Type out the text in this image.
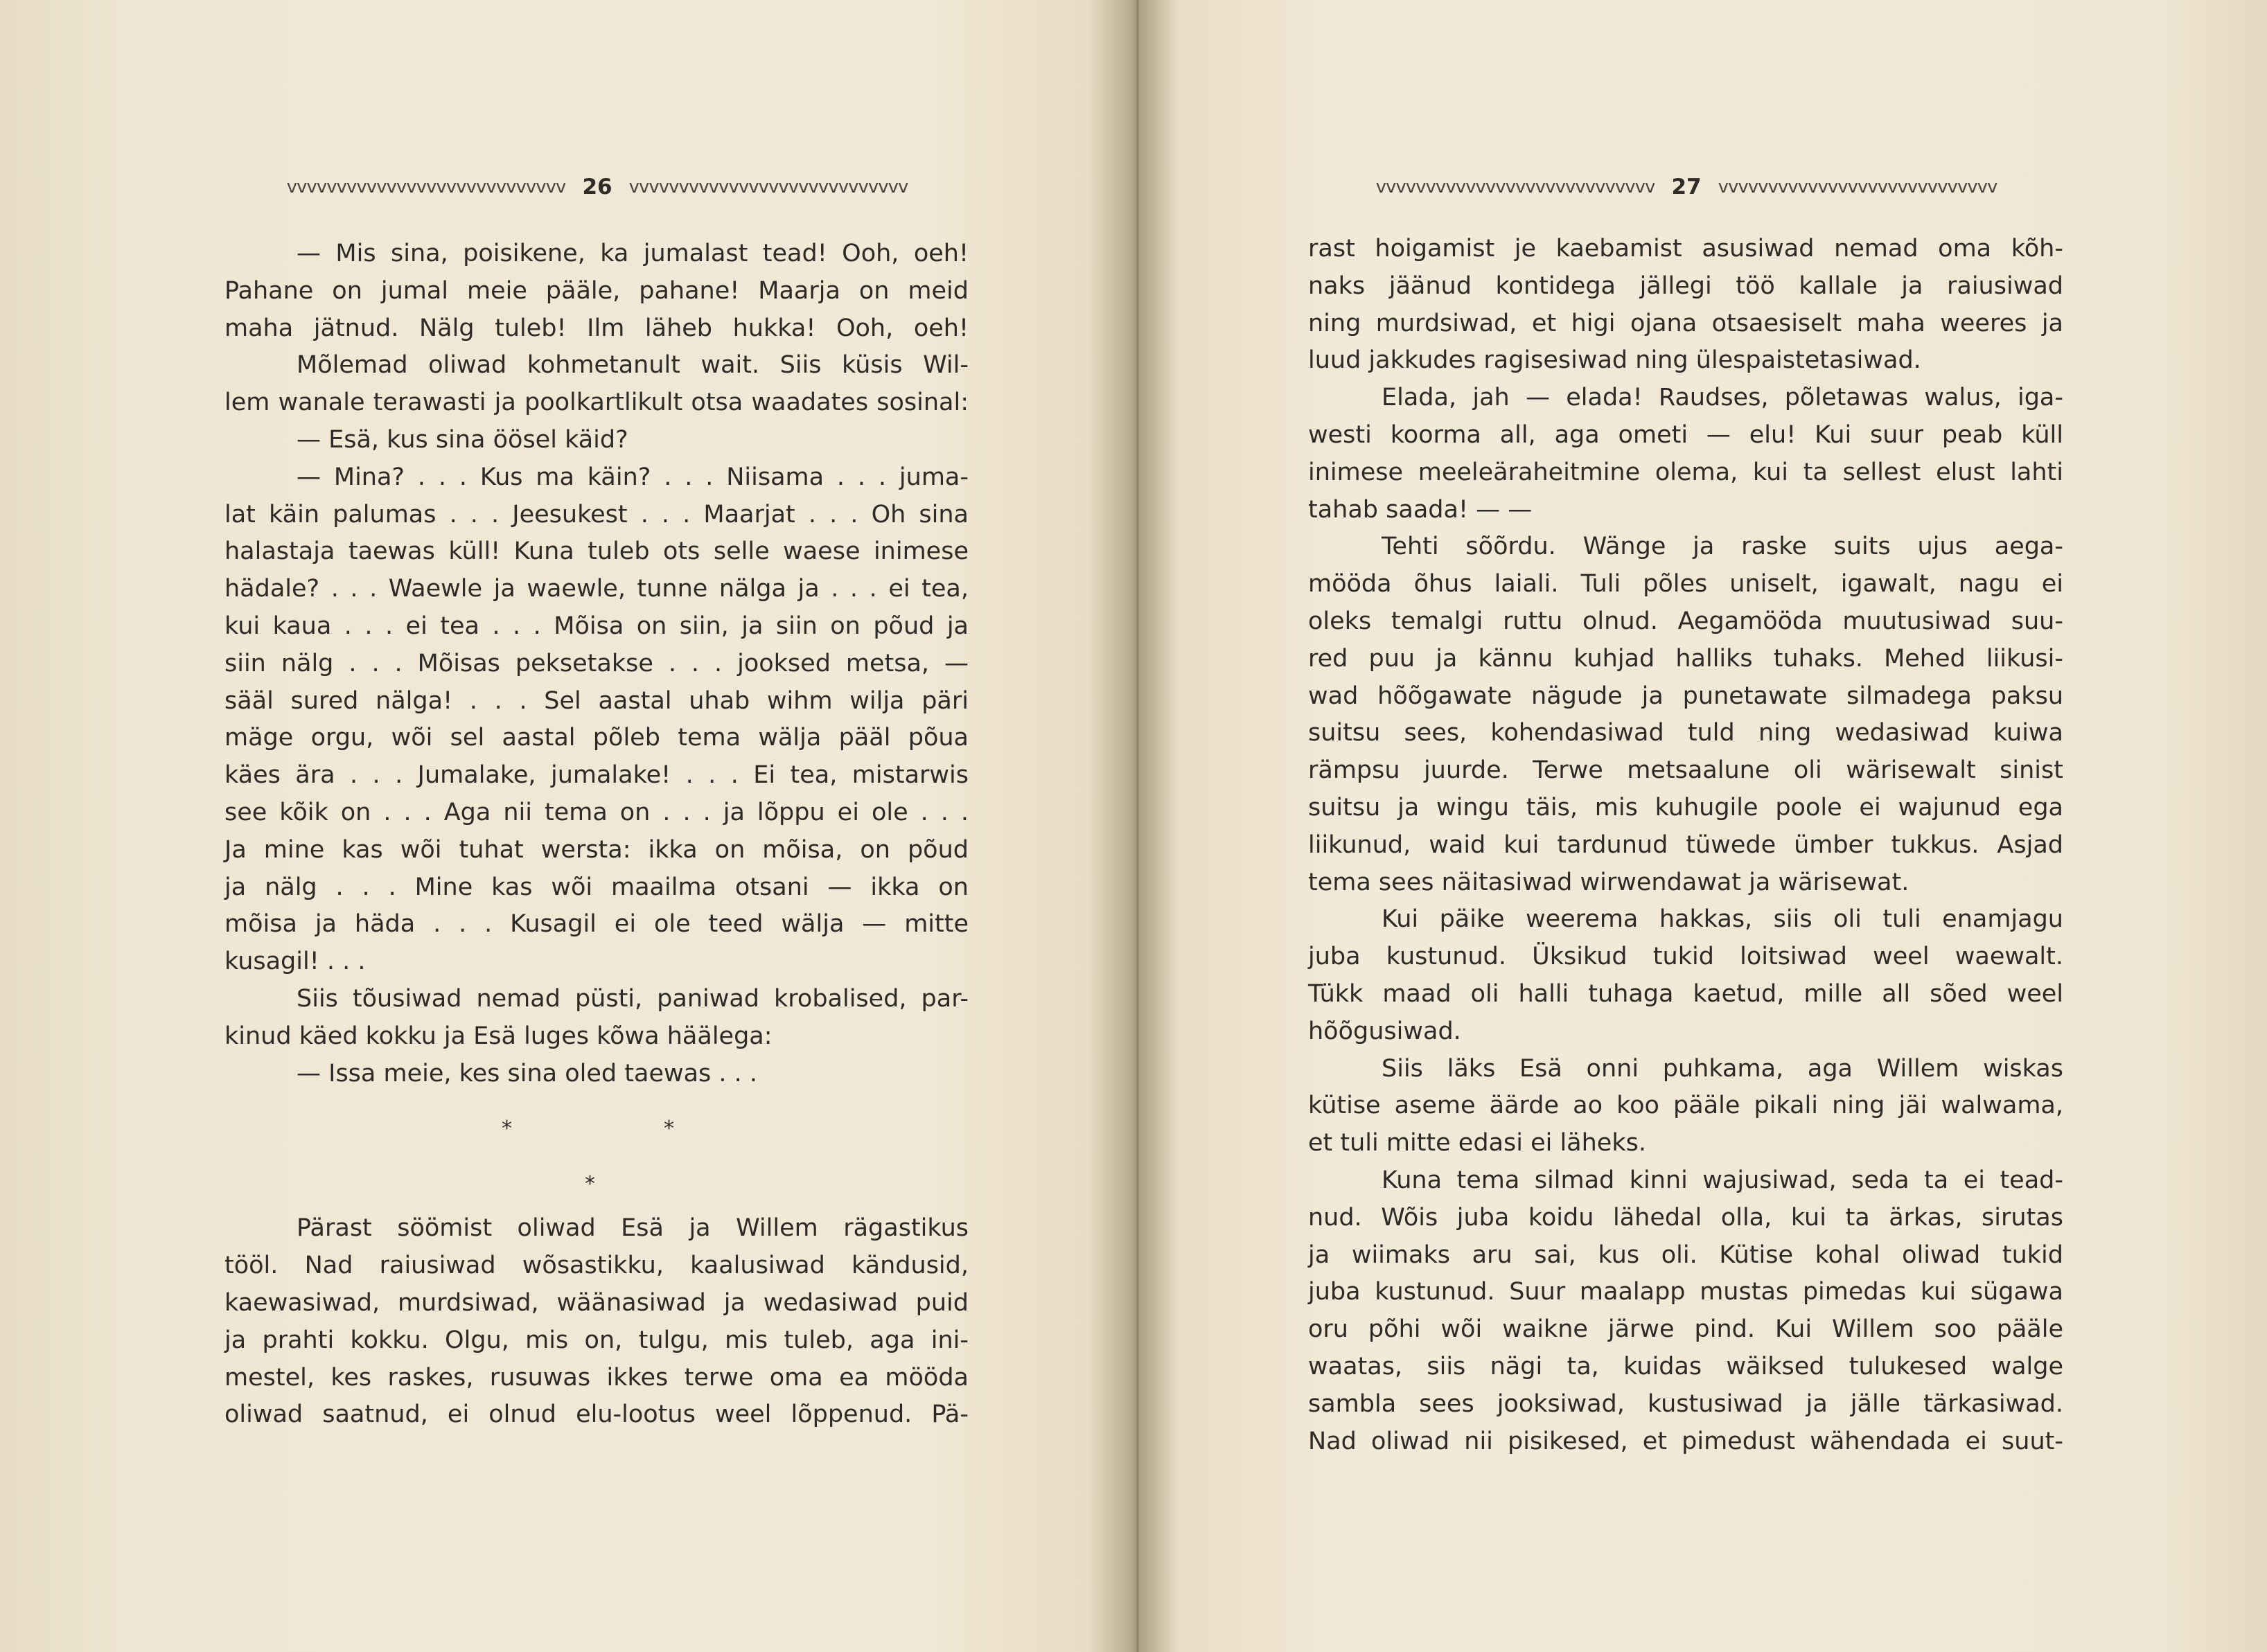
vvvvvvvvvvvvvvvvvvvvvvvvvvvv 26 vvvvvvvvvvvvvvvvvvvvvvvvvvvv
— Mis sina, poisikene, ka jumalast tead! Ooh, oeh!
Pahane on jumal meie pääle, pahane! Maarja on meid
maha jätnud. Nälg tuleb! Ilm läheb hukka! Ooh, oeh!
Mõlemad oliwad kohmetanult wait. Siis küsis Wil-
lem wanale terawasti ja poolkartlikult otsa waadates sosinal:
— Esä, kus sina öösel käid?
— Mina? . . . Kus ma käin? . . . Niisama . . . juma-
lat käin palumas . . . Jeesukest . . . Maarjat . . . Oh sina
halastaja taewas küll! Kuna tuleb ots selle waese inimese
hädale? . . . Waewle ja waewle, tunne nälga ja . . . ei tea,
kui kaua . . . ei tea . . . Mõisa on siin, ja siin on põud ja
siin nälg . . . Mõisas peksetakse . . . jooksed metsa, —
sääl sured nälga! . . . Sel aastal uhab wihm wilja päri
mäge orgu, wõi sel aastal põleb tema wälja pääl põua
käes ära . . . Jumalake, jumalake! . . . Ei tea, mistarwis
see kõik on . . . Aga nii tema on . . . ja lõppu ei ole . . .
Ja mine kas wõi tuhat wersta: ikka on mõisa, on põud
ja nälg . . . Mine kas wõi maailma otsani — ikka on
mõisa ja häda . . . Kusagil ei ole teed wälja — mitte
kusagil! . . .
Siis tõusiwad nemad püsti, paniwad krobalised, par-
kinud käed kokku ja Esä luges kõwa häälega:
— Issa meie, kes sina oled taewas . . .
*	*
*
Pärast söömist oliwad Esä ja Willem rägastikus
tööl. Nad raiusiwad wõsastikku, kaalusiwad kändusid,
kaewasiwad, murdsiwad, wäänasiwad ja wedasiwad puid
ja prahti kokku. Olgu, mis on, tulgu, mis tuleb, aga ini-
mestel, kes raskes, rusuwas ikkes terwe oma ea mööda
oliwad saatnud, ei olnud elu-lootus weel lõppenud. Pä-
vvvvvvvvvvvvvvvvvvvvvvvvvvvv 27 vvvvvvvvvvvvvvvvvvvvvvvvvvvv
rast hoigamist je kaebamist asusiwad nemad oma kõh-
naks jäänud kontidega jällegi töö kallale ja raiusiwad
ning murdsiwad, et higi ojana otsaesiselt maha weeres ja
luud jakkudes ragisesiwad ning ülespaistetasiwad.
Elada, jah — elada! Raudses, põletawas walus, iga-
westi koorma all, aga ometi — elu! Kui suur peab küll
inimese meeleäraheitmine olema, kui ta sellest elust lahti
tahab saada! — —
Tehti sõõrdu. Wänge ja raske suits ujus aega-
mööda õhus laiali. Tuli põles uniselt, igawalt, nagu ei
oleks temalgi ruttu olnud. Aegamööda muutusiwad suu-
red puu ja kännu kuhjad halliks tuhaks. Mehed liikusi-
wad hõõgawate nägude ja punetawate silmadega paksu
suitsu sees, kohendasiwad tuld ning wedasiwad kuiwa
rämpsu juurde. Terwe metsaalune oli wärisewalt sinist
suitsu ja wingu täis, mis kuhugile poole ei wajunud ega
liikunud, waid kui tardunud tüwede ümber tukkus. Asjad
tema sees näitasiwad wirwendawat ja wärisewat.
Kui päike weerema hakkas, siis oli tuli enamjagu
juba kustunud. Üksikud tukid loitsiwad weel waewalt.
Tükk maad oli halli tuhaga kaetud, mille all sõed weel
hõõgusiwad.
Siis läks Esä onni puhkama, aga Willem wiskas
kütise aseme äärde ao koo pääle pikali ning jäi walwama,
et tuli mitte edasi ei läheks.
Kuna tema silmad kinni wajusiwad, seda ta ei tead-
nud. Wõis juba koidu lähedal olla, kui ta ärkas, sirutas
ja wiimaks aru sai, kus oli. Kütise kohal oliwad tukid
juba kustunud. Suur maalapp mustas pimedas kui sügawa
oru põhi wõi waikne järwe pind. Kui Willem soo pääle
waatas, siis nägi ta, kuidas wäiksed tulukesed walge
sambla sees jooksiwad, kustusiwad ja jälle tärkasiwad.
Nad oliwad nii pisikesed, et pimedust wähendada ei suut-
